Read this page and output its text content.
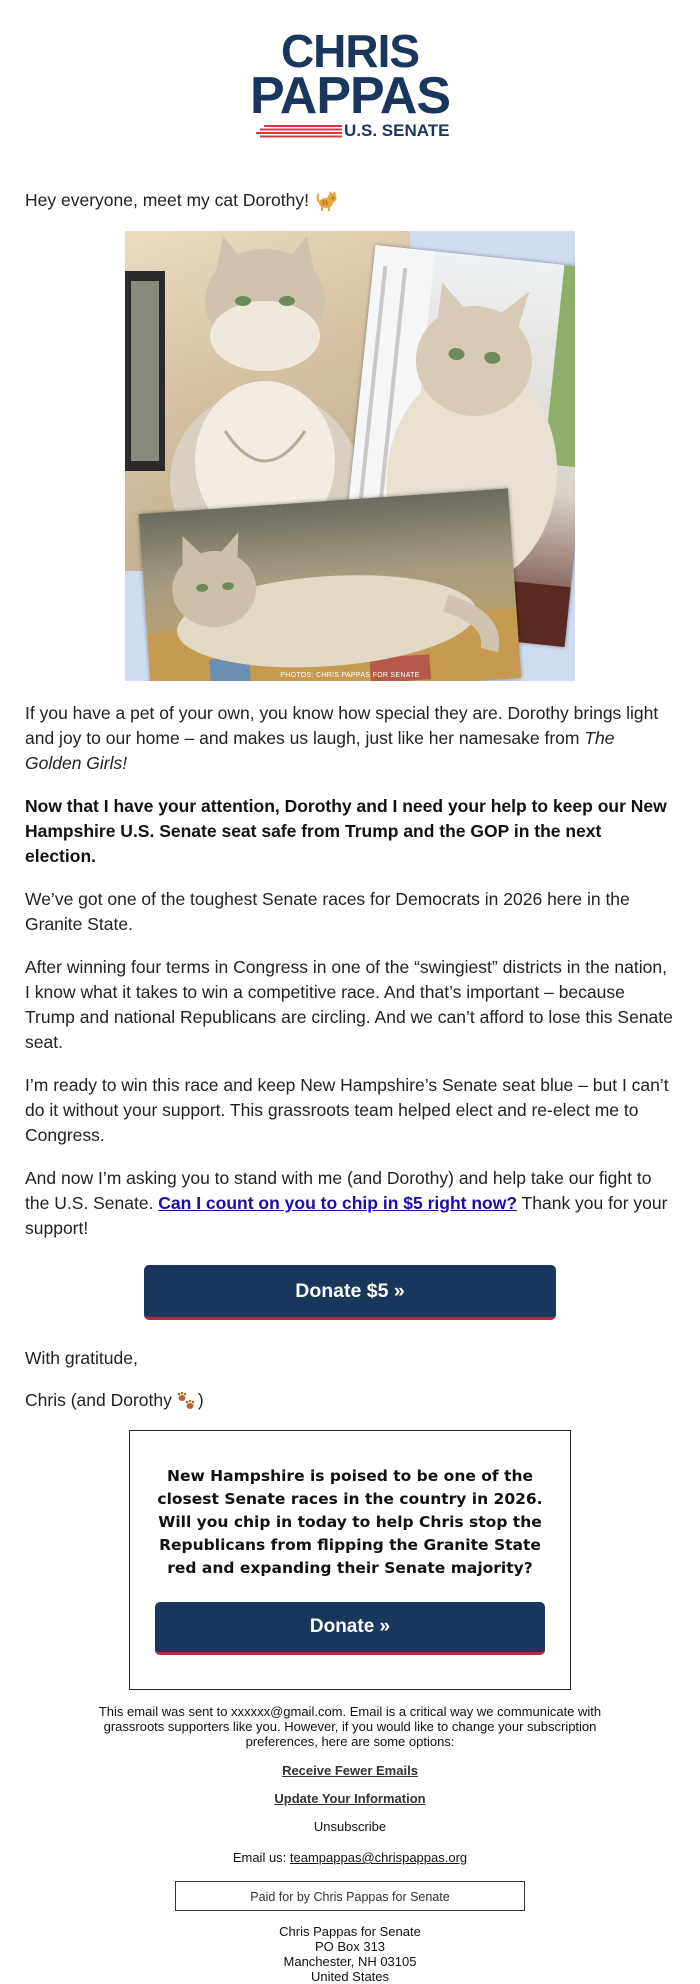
CHRIS
PAPPAS
U.S. SENATE

Hey everyone, meet my cat Dorothy!

PHOTOS: CHRIS PAPPAS FOR SENATE

If you have a pet of your own, you know how special they are. Dorothy brings light and joy to our home – and makes us laugh, just like her namesake from The Golden Girls!

Now that I have your attention, Dorothy and I need your help to keep our New Hampshire U.S. Senate seat safe from Trump and the GOP in the next election.

We’ve got one of the toughest Senate races for Democrats in 2026 here in the Granite State.

After winning four terms in Congress in one of the “swingiest” districts in the nation, I know what it takes to win a competitive race. And that’s important – because Trump and national Republicans are circling. And we can’t afford to lose this Senate seat.

I’m ready to win this race and keep New Hampshire’s Senate seat blue – but I can’t do it without your support. This grassroots team helped elect and re-elect me to Congress.

And now I’m asking you to stand with me (and Dorothy) and help take our fight to the U.S. Senate. Can I count on you to chip in $5 right now? Thank you for your support!

Donate $5 »

With gratitude,

Chris (and Dorothy )

New Hampshire is poised to be one of the closest Senate races in the country in 2026. Will you chip in today to help Chris stop the Republicans from flipping the Granite State red and expanding their Senate majority?

Donate »
This email was sent to xxxxxx@gmail.com. Email is a critical way we communicate with grassroots supporters like you. However, if you would like to change your subscription preferences, here are some options:
Receive Fewer Emails
Update Your Information
Unsubscribe
Email us: teampappas@chrispappas.org
Paid for by Chris Pappas for Senate
Chris Pappas for Senate
PO Box 313
Manchester, NH 03105
United States
